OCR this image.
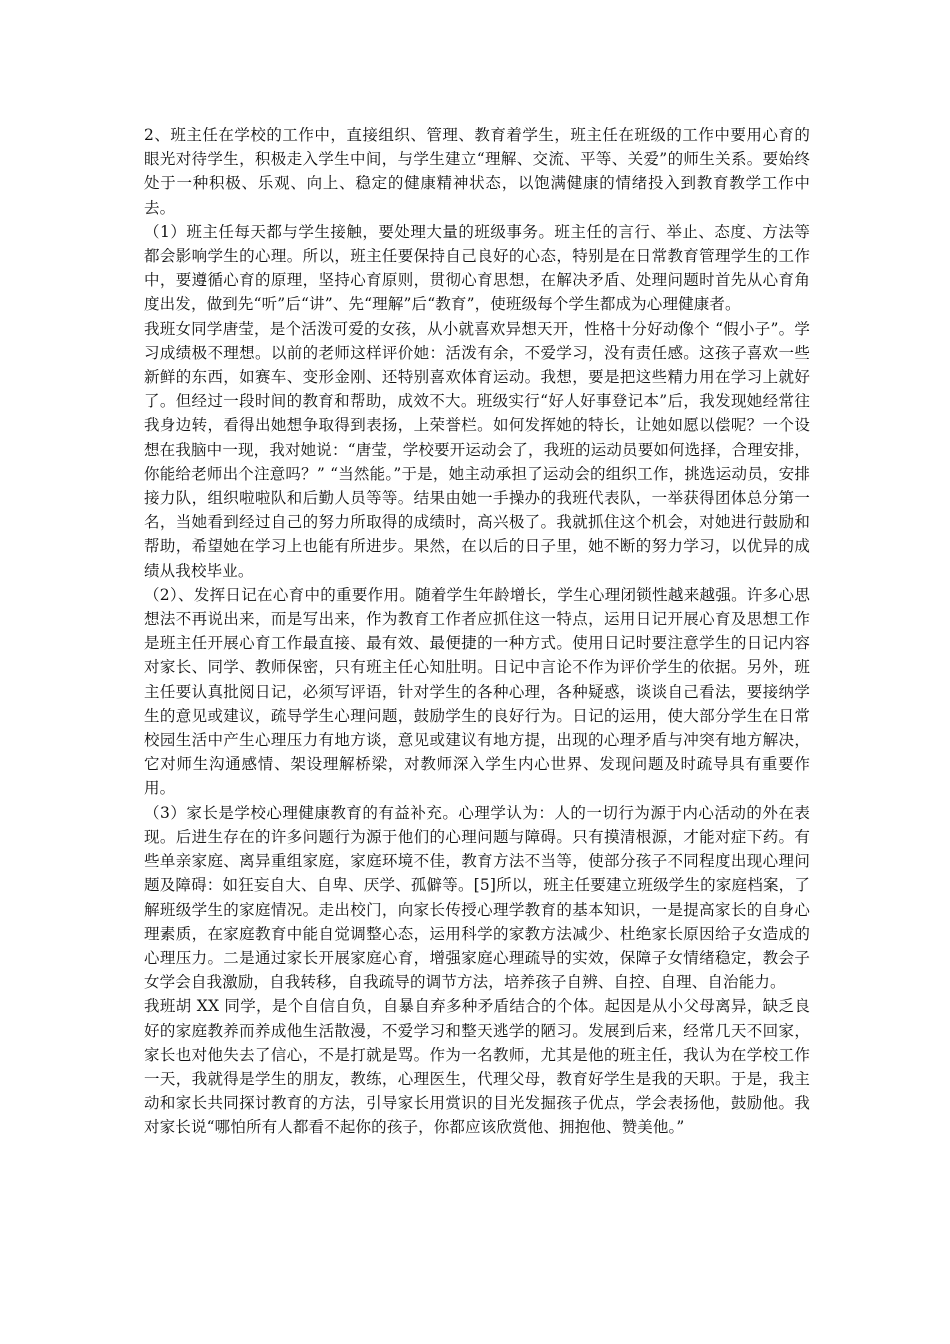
2、班主任在学校的工作中，直接组织、管理、教育着学生，班主任在班级的工作中要用心育的眼光对待学生，积极走入学生中间，与学生建立“理解、交流、平等、关爱”的师生关系。要始终处于一种积极、乐观、向上、稳定的健康精神状态，以饱满健康的情绪投入到教育教学工作中去。

（1）班主任每天都与学生接触，要处理大量的班级事务。班主任的言行、举止、态度、方法等都会影响学生的心理。所以，班主任要保持自己良好的心态，特别是在日常教育管理学生的工作中，要遵循心育的原理，坚持心育原则，贯彻心育思想，在解决矛盾、处理问题时首先从心育角度出发，做到先“听”后“讲”、先“理解”后“教育”，使班级每个学生都成为心理健康者。

我班女同学唐莹，是个活泼可爱的女孩，从小就喜欢异想天开，性格十分好动像个 “假小子”。学习成绩极不理想。以前的老师这样评价她：活泼有余，不爱学习，没有责任感。这孩子喜欢一些新鲜的东西，如赛车、变形金刚、还特别喜欢体育运动。我想，要是把这些精力用在学习上就好了。但经过一段时间的教育和帮助，成效不大。班级实行“好人好事登记本”后，我发现她经常往我身边转，看得出她想争取得到表扬，上荣誉栏。如何发挥她的特长，让她如愿以偿呢？一个设想在我脑中一现，我对她说：“唐莹，学校要开运动会了，我班的运动员要如何选择，合理安排，你能给老师出个注意吗？” “当然能。”于是，她主动承担了运动会的组织工作，挑选运动员，安排接力队，组织啦啦队和后勤人员等等。结果由她一手操办的我班代表队，一举获得团体总分第一名，当她看到经过自己的努力所取得的成绩时，高兴极了。我就抓住这个机会，对她进行鼓励和帮助，希望她在学习上也能有所进步。果然，在以后的日子里，她不断的努力学习，以优异的成绩从我校毕业。

（2）、发挥日记在心育中的重要作用。随着学生年龄增长，学生心理闭锁性越来越强。许多心思想法不再说出来，而是写出来，作为教育工作者应抓住这一特点，运用日记开展心育及思想工作是班主任开展心育工作最直接、最有效、最便捷的一种方式。使用日记时要注意学生的日记内容对家长、同学、教师保密，只有班主任心知肚明。日记中言论不作为评价学生的依据。另外，班主任要认真批阅日记，必须写评语，针对学生的各种心理，各种疑惑，谈谈自己看法，要接纳学生的意见或建议，疏导学生心理问题，鼓励学生的良好行为。日记的运用，使大部分学生在日常校园生活中产生心理压力有地方谈，意见或建议有地方提，出现的心理矛盾与冲突有地方解决，它对师生沟通感情、架设理解桥梁，对教师深入学生内心世界、发现问题及时疏导具有重要作用。

（3）家长是学校心理健康教育的有益补充。心理学认为：人的一切行为源于内心活动的外在表现。后进生存在的许多问题行为源于他们的心理问题与障碍。只有摸清根源，才能对症下药。有些单亲家庭、离异重组家庭，家庭环境不佳，教育方法不当等，使部分孩子不同程度出现心理问题及障碍：如狂妄自大、自卑、厌学、孤僻等。[5]所以，班主任要建立班级学生的家庭档案，了解班级学生的家庭情况。走出校门，向家长传授心理学教育的基本知识，一是提高家长的自身心理素质，在家庭教育中能自觉调整心态，运用科学的家教方法减少、杜绝家长原因给子女造成的心理压力。二是通过家长开展家庭心育，增强家庭心理疏导的实效，保障子女情绪稳定，教会子女学会自我激励，自我转移，自我疏导的调节方法，培养孩子自辨、自控、自理、自治能力。

我班胡 XX 同学，是个自信自负，自暴自弃多种矛盾结合的个体。起因是从小父母离异，缺乏良好的家庭教养而养成他生活散漫，不爱学习和整天逃学的陋习。发展到后来，经常几天不回家，家长也对他失去了信心，不是打就是骂。作为一名教师，尤其是他的班主任，我认为在学校工作一天，我就得是学生的朋友，教练，心理医生，代理父母，教育好学生是我的天职。于是，我主动和家长共同探讨教育的方法，引导家长用赏识的目光发掘孩子优点，学会表扬他，鼓励他。我对家长说“哪怕所有人都看不起你的孩子，你都应该欣赏他、拥抱他、赞美他。”
